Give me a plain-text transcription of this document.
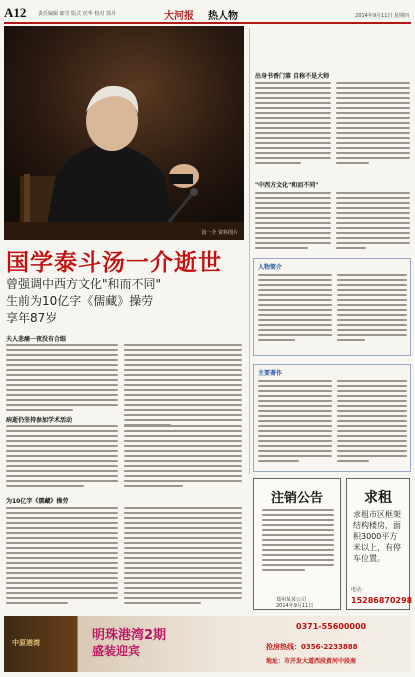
A12 责任编辑 郎雪 版式 侯华 校对 郭丹	大河报 热人物	2014年9月11日 星期四
汤一介 资料图片
国学泰斗汤一介逝世
曾强调中西方文化"和而不同"
生前为10亿字《儒藏》操劳
享年87岁
夫人悲痛一夜没有合眼
病逝仍坚持参加学术活动
为10亿字《儒藏》操劳
出身书香门第 自称不是大师
"中西方文化"和而不同"
人物简介
主要著作
注销公告
郑州某某公司
2014年9月11日
求租

求租市区框架结构楼房，面积3000平方米以上，有停车位置。

电话：
15286870298
中原港湾	明珠港湾2期
盛装迎宾
0371-55600000
抢房热线：0356-2233888
地址：市开发大道西段黄河中段南
